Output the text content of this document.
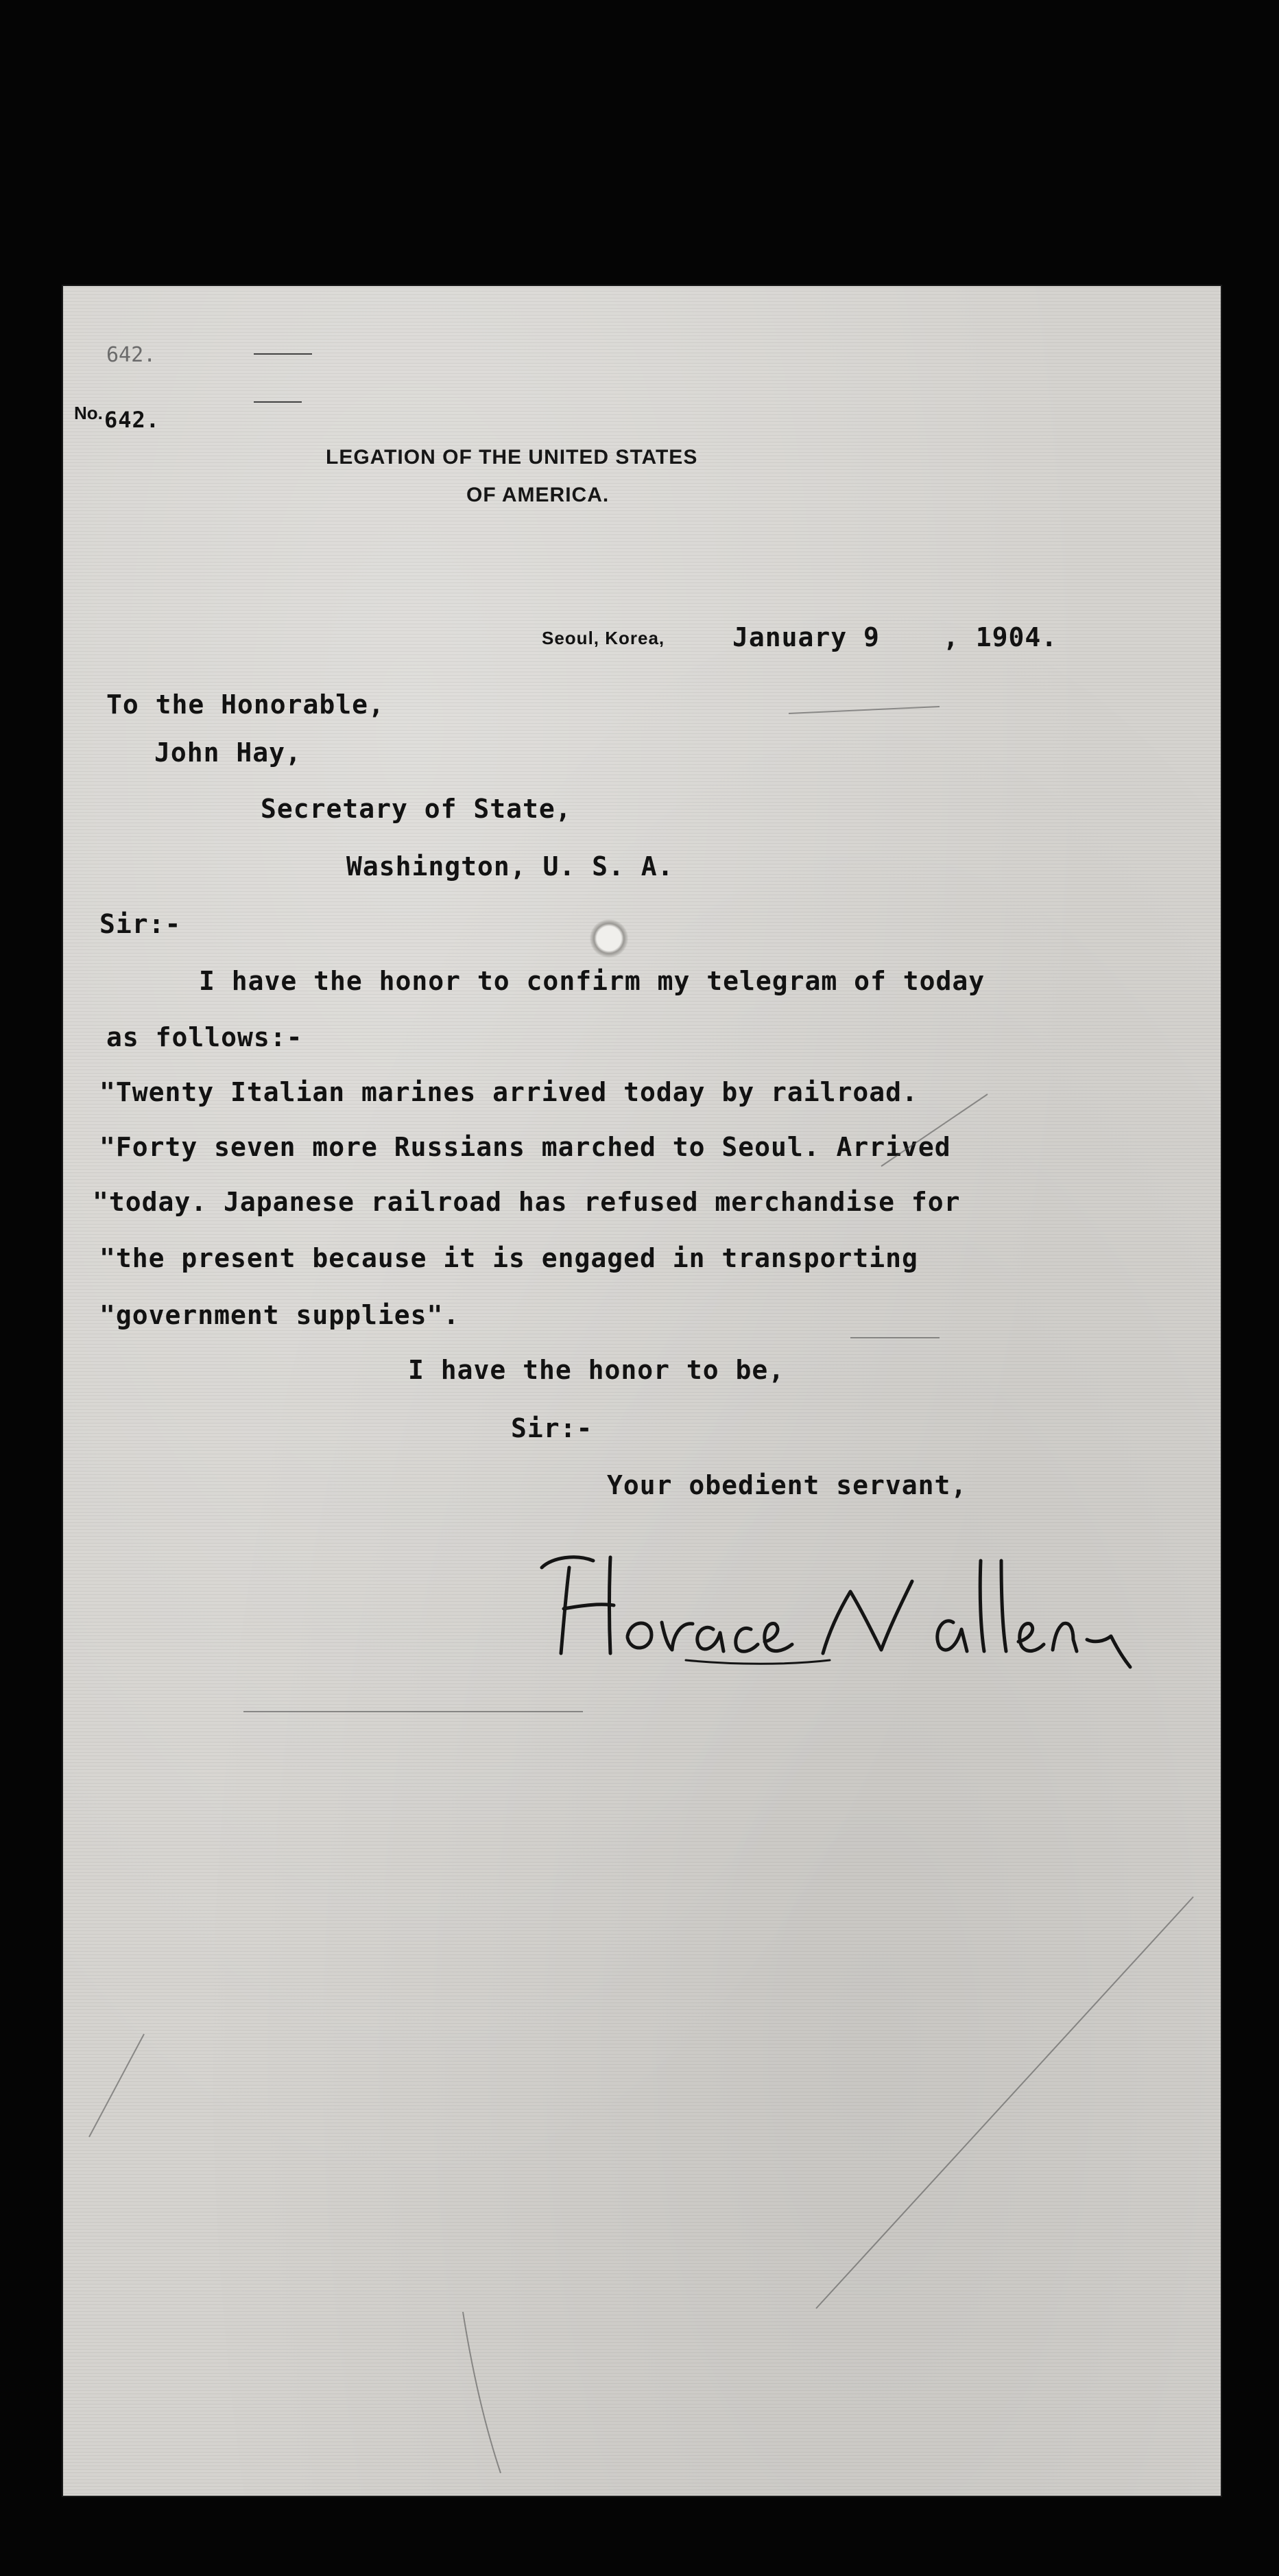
642.

No. 642.

LEGATION OF THE UNITED STATES

OF AMERICA.

Seoul, Korea,	January 9 , 1904.

To the Honorable,

John Hay,

Secretary of State,

Washington, U. S. A.

Sir:-

I have the honor to confirm my telegram of today

as follows:-

"Twenty Italian marines arrived today by railroad.

"Forty seven more Russians marched to Seoul. Arrived

"today. Japanese railroad has refused merchandise for

"the present because it is engaged in transporting

"government supplies".

I have the honor to be,

Sir:-

Your obedient servant,
